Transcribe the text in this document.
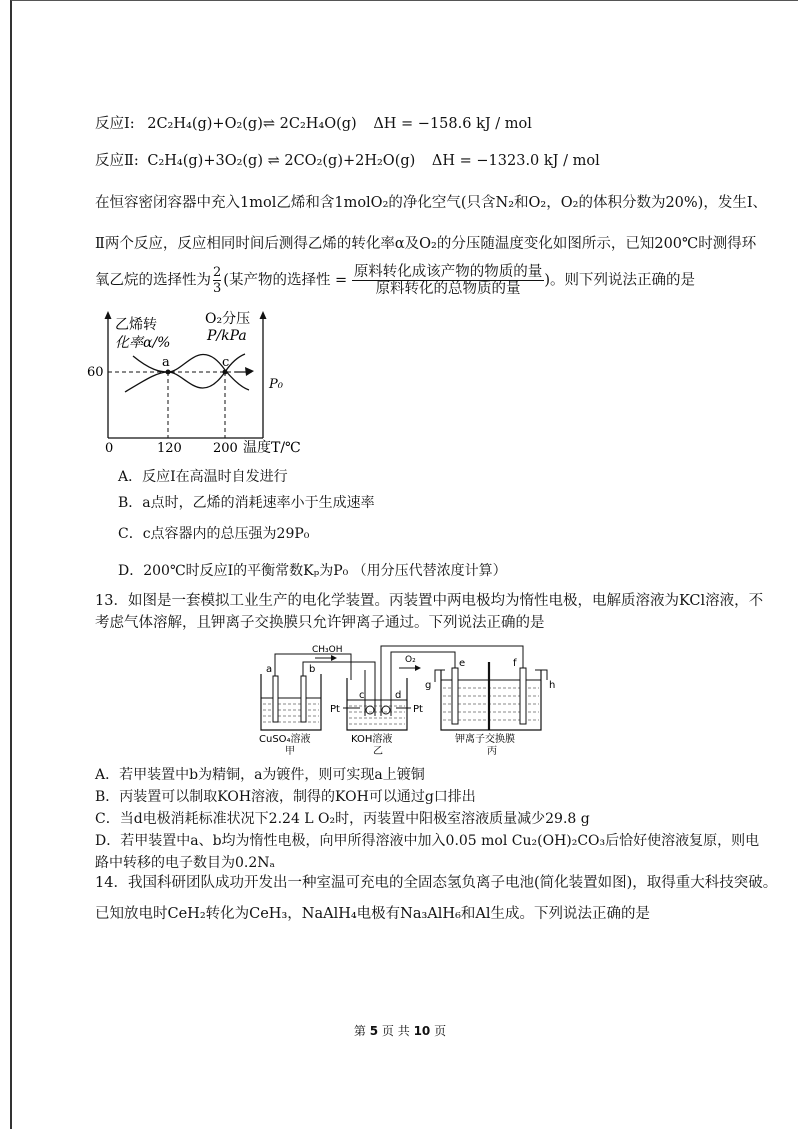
反应Ⅰ: 2C₂H₄(g)+O₂(g)⇌ 2C₂H₄O(g) ΔH = −158.6 kJ / mol
反应Ⅱ: C₂H₄(g)+3O₂(g) ⇌ 2CO₂(g)+2H₂O(g) ΔH = −1323.0 kJ / mol
在恒容密闭容器中充入1mol乙烯和含1molO₂的净化空气(只含N₂和O₂，O₂的体积分数为20%)，发生Ⅰ、
Ⅱ两个反应，反应相同时间后测得乙烯的转化率α及O₂的分压随温度变化如图所示，已知200℃时测得环
氧乙烷的选择性为 $\frac{2}{3}$ (某产物的选择性 = $\frac{\text{原料转化成该产物的物质的量}}{\text{原料转化的总物质的量}}$ )。则下列说法正确的是
a	c
乙烯转
化率α/%
O₂分压
P/kPa
60
P₀
0	120 200 温度T/℃
A．反应Ⅰ在高温时自发进行
B．a点时，乙烯的消耗速率小于生成速率
C．c点容器内的总压强为29P₀
D．200℃时反应Ⅰ的平衡常数Kₚ为P₀ （用分压代替浓度计算）
13．如图是一套模拟工业生产的电化学装置。丙装置中两电极均为惰性电极，电解质溶液为KCl溶液，不
考虑气体溶解，且钾离子交换膜只允许钾离子通过。下列说法正确的是
a	b
CH₃OH
c	d
Pt	Pt
O₂	e	f
g	h
CuSO₄溶液
甲
KOH溶液
乙
钾离子交换膜
丙
A．若甲装置中b为精铜，a为镀件，则可实现a上镀铜
B．丙装置可以制取KOH溶液，制得的KOH可以通过g口排出
C．当d电极消耗标准状况下2.24 L O₂时，丙装置中阳极室溶液质量减少29.8 g
D．若甲装置中a、b均为惰性电极，向甲所得溶液中加入0.05 mol Cu₂(OH)₂CO₃后恰好使溶液复原，则电
路中转移的电子数目为0.2Nₐ
14．我国科研团队成功开发出一种室温可充电的全固态氢负离子电池(简化装置如图)，取得重大科技突破。
已知放电时CeH₂转化为CeH₃，NaAlH₄电极有Na₃AlH₆和Al生成。下列说法正确的是
第 5 页 共 10 页
